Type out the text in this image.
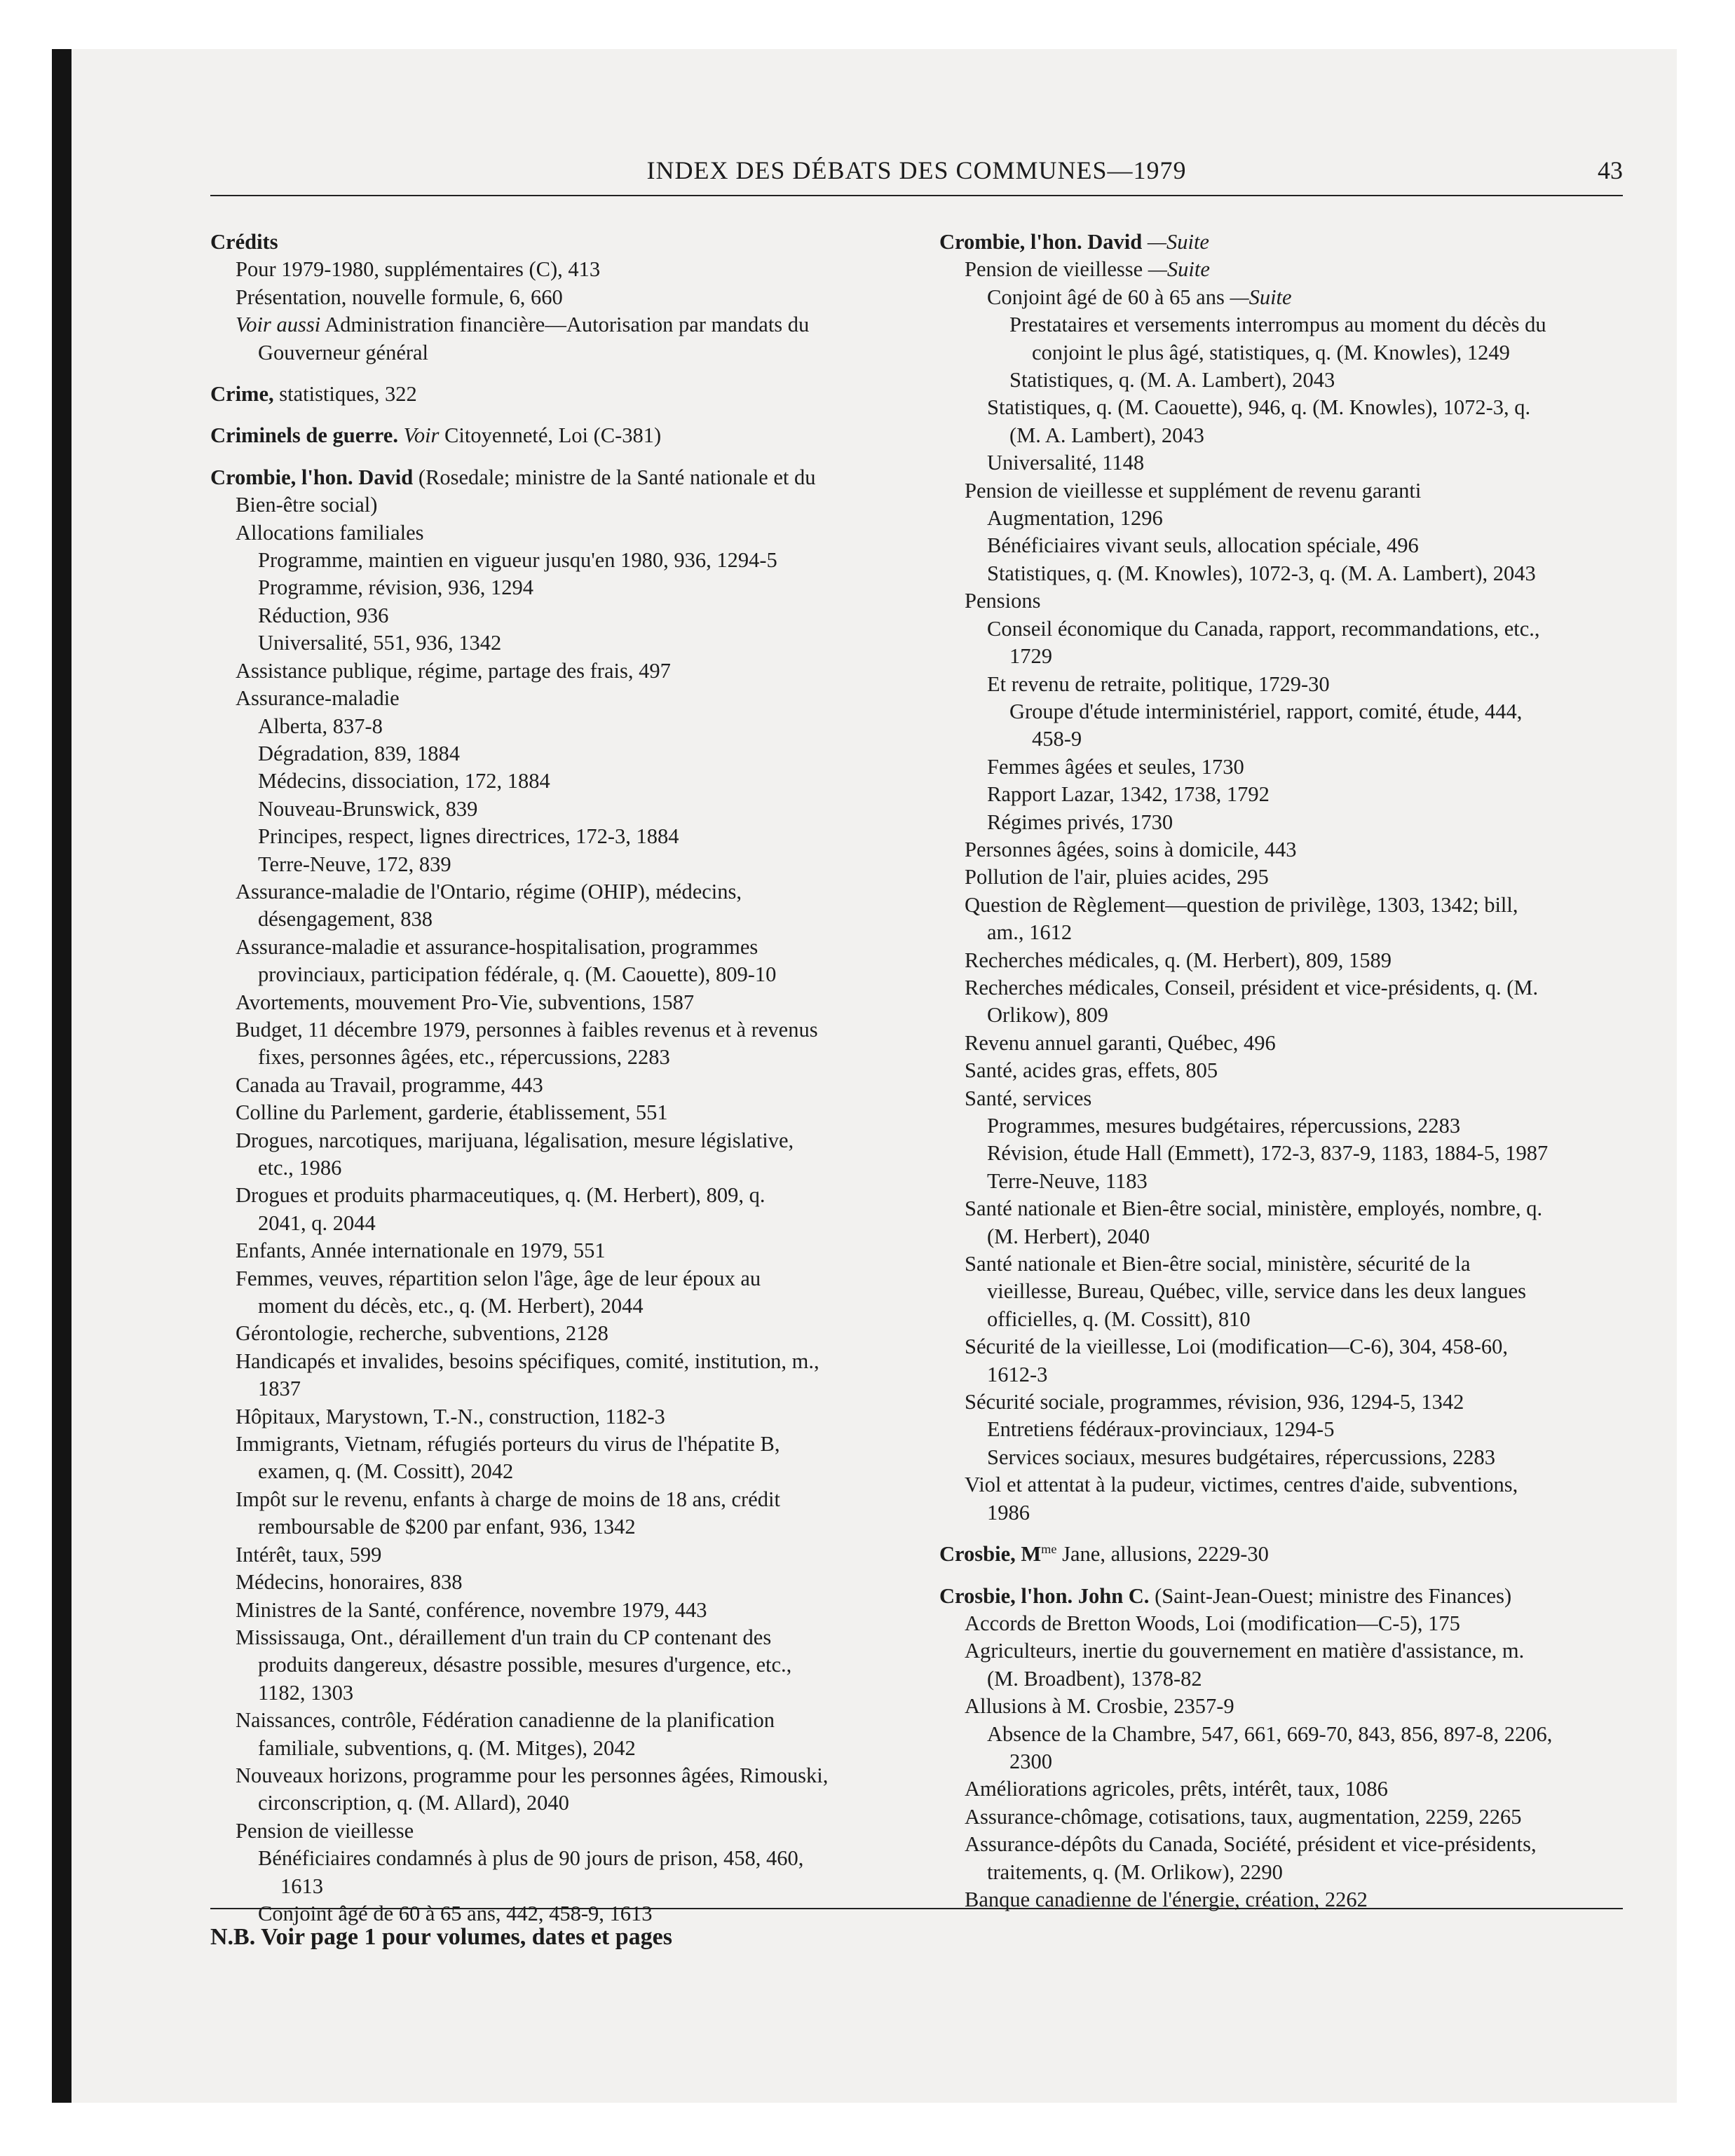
INDEX DES DÉBATS DES COMMUNES—1979	43
Crédits
Pour 1979-1980, supplémentaires (C), 413
Présentation, nouvelle formule, 6, 660
Voir aussi Administration financière—Autorisation par mandats du
Gouverneur général
Crime, statistiques, 322
Criminels de guerre. Voir Citoyenneté, Loi (C-381)
Crombie, l'hon. David (Rosedale; ministre de la Santé nationale et du
Bien-être social)
Allocations familiales
Programme, maintien en vigueur jusqu'en 1980, 936, 1294-5
Programme, révision, 936, 1294
Réduction, 936
Universalité, 551, 936, 1342
Assistance publique, régime, partage des frais, 497
Assurance-maladie
Alberta, 837-8
Dégradation, 839, 1884
Médecins, dissociation, 172, 1884
Nouveau-Brunswick, 839
Principes, respect, lignes directrices, 172-3, 1884
Terre-Neuve, 172, 839
Assurance-maladie de l'Ontario, régime (OHIP), médecins,
désengagement, 838
Assurance-maladie et assurance-hospitalisation, programmes
provinciaux, participation fédérale, q. (M. Caouette), 809-10
Avortements, mouvement Pro-Vie, subventions, 1587
Budget, 11 décembre 1979, personnes à faibles revenus et à revenus
fixes, personnes âgées, etc., répercussions, 2283
Canada au Travail, programme, 443
Colline du Parlement, garderie, établissement, 551
Drogues, narcotiques, marijuana, légalisation, mesure législative,
etc., 1986
Drogues et produits pharmaceutiques, q. (M. Herbert), 809, q.
2041, q. 2044
Enfants, Année internationale en 1979, 551
Femmes, veuves, répartition selon l'âge, âge de leur époux au
moment du décès, etc., q. (M. Herbert), 2044
Gérontologie, recherche, subventions, 2128
Handicapés et invalides, besoins spécifiques, comité, institution, m.,
1837
Hôpitaux, Marystown, T.-N., construction, 1182-3
Immigrants, Vietnam, réfugiés porteurs du virus de l'hépatite B,
examen, q. (M. Cossitt), 2042
Impôt sur le revenu, enfants à charge de moins de 18 ans, crédit
remboursable de $200 par enfant, 936, 1342
Intérêt, taux, 599
Médecins, honoraires, 838
Ministres de la Santé, conférence, novembre 1979, 443
Mississauga, Ont., déraillement d'un train du CP contenant des
produits dangereux, désastre possible, mesures d'urgence, etc.,
1182, 1303
Naissances, contrôle, Fédération canadienne de la planification
familiale, subventions, q. (M. Mitges), 2042
Nouveaux horizons, programme pour les personnes âgées, Rimouski,
circonscription, q. (M. Allard), 2040
Pension de vieillesse
Bénéficiaires condamnés à plus de 90 jours de prison, 458, 460,
1613
Conjoint âgé de 60 à 65 ans, 442, 458-9, 1613
Crombie, l'hon. David —Suite
Pension de vieillesse —Suite
Conjoint âgé de 60 à 65 ans —Suite
Prestataires et versements interrompus au moment du décès du
conjoint le plus âgé, statistiques, q. (M. Knowles), 1249
Statistiques, q. (M. A. Lambert), 2043
Statistiques, q. (M. Caouette), 946, q. (M. Knowles), 1072-3, q.
(M. A. Lambert), 2043
Universalité, 1148
Pension de vieillesse et supplément de revenu garanti
Augmentation, 1296
Bénéficiaires vivant seuls, allocation spéciale, 496
Statistiques, q. (M. Knowles), 1072-3, q. (M. A. Lambert), 2043
Pensions
Conseil économique du Canada, rapport, recommandations, etc.,
1729
Et revenu de retraite, politique, 1729-30
Groupe d'étude interministériel, rapport, comité, étude, 444,
458-9
Femmes âgées et seules, 1730
Rapport Lazar, 1342, 1738, 1792
Régimes privés, 1730
Personnes âgées, soins à domicile, 443
Pollution de l'air, pluies acides, 295
Question de Règlement—question de privilège, 1303, 1342; bill,
am., 1612
Recherches médicales, q. (M. Herbert), 809, 1589
Recherches médicales, Conseil, président et vice-présidents, q. (M.
Orlikow), 809
Revenu annuel garanti, Québec, 496
Santé, acides gras, effets, 805
Santé, services
Programmes, mesures budgétaires, répercussions, 2283
Révision, étude Hall (Emmett), 172-3, 837-9, 1183, 1884-5, 1987
Terre-Neuve, 1183
Santé nationale et Bien-être social, ministère, employés, nombre, q.
(M. Herbert), 2040
Santé nationale et Bien-être social, ministère, sécurité de la
vieillesse, Bureau, Québec, ville, service dans les deux langues
officielles, q. (M. Cossitt), 810
Sécurité de la vieillesse, Loi (modification—C-6), 304, 458-60,
1612-3
Sécurité sociale, programmes, révision, 936, 1294-5, 1342
Entretiens fédéraux-provinciaux, 1294-5
Services sociaux, mesures budgétaires, répercussions, 2283
Viol et attentat à la pudeur, victimes, centres d'aide, subventions,
1986
Crosbie, $M^{me}$ Jane, allusions, 2229-30
Crosbie, l'hon. John C. (Saint-Jean-Ouest; ministre des Finances)
Accords de Bretton Woods, Loi (modification—C-5), 175
Agriculteurs, inertie du gouvernement en matière d'assistance, m.
(M. Broadbent), 1378-82
Allusions à M. Crosbie, 2357-9
Absence de la Chambre, 547, 661, 669-70, 843, 856, 897-8, 2206,
2300
Améliorations agricoles, prêts, intérêt, taux, 1086
Assurance-chômage, cotisations, taux, augmentation, 2259, 2265
Assurance-dépôts du Canada, Société, président et vice-présidents,
traitements, q. (M. Orlikow), 2290
Banque canadienne de l'énergie, création, 2262
N.B. Voir page 1 pour volumes, dates et pages
